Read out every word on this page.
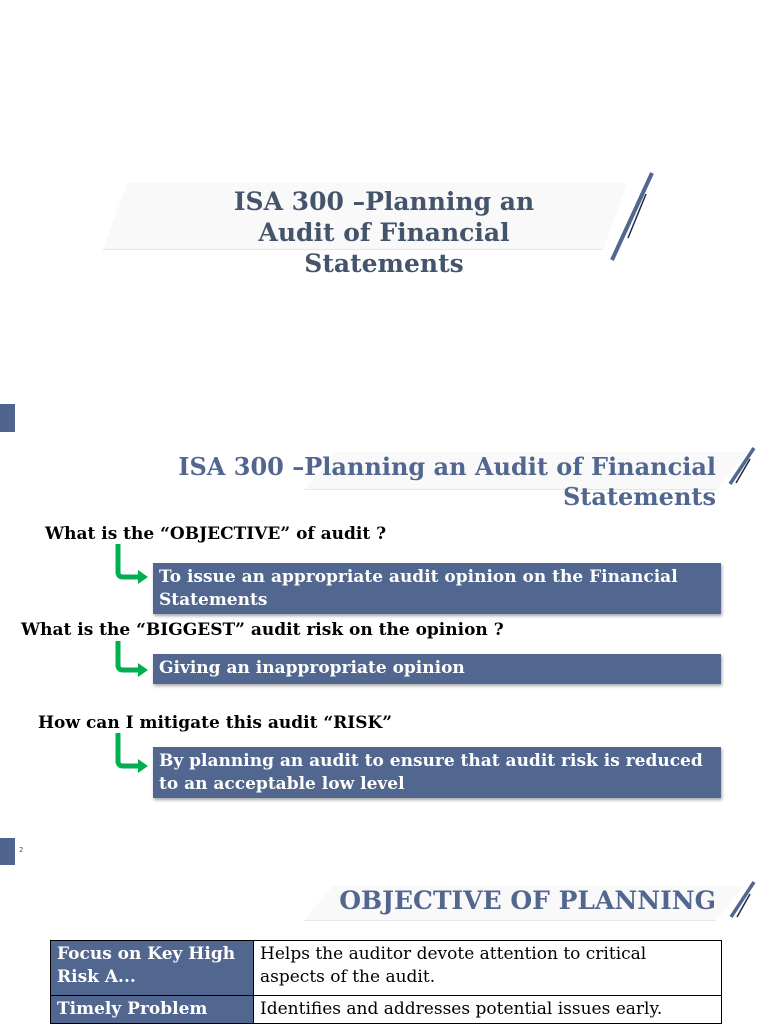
ISA 300 –Planning an
Audit of Financial
Statements
ISA 300 –Planning an Audit of Financial
Statements
What is the “OBJECTIVE” of audit ?
To issue an appropriate audit opinion on the Financial Statements
What is the “BIGGEST” audit risk on the opinion ?
Giving an inappropriate opinion
How can I mitigate this audit “RISK”
By planning an audit to ensure that audit risk is reduced to an acceptable low level
2
OBJECTIVE OF PLANNING
Focus on Key High Risk A...	Helps the auditor devote attention to critical aspects of the audit.
Timely Problem	Identifies and addresses potential issues early.
